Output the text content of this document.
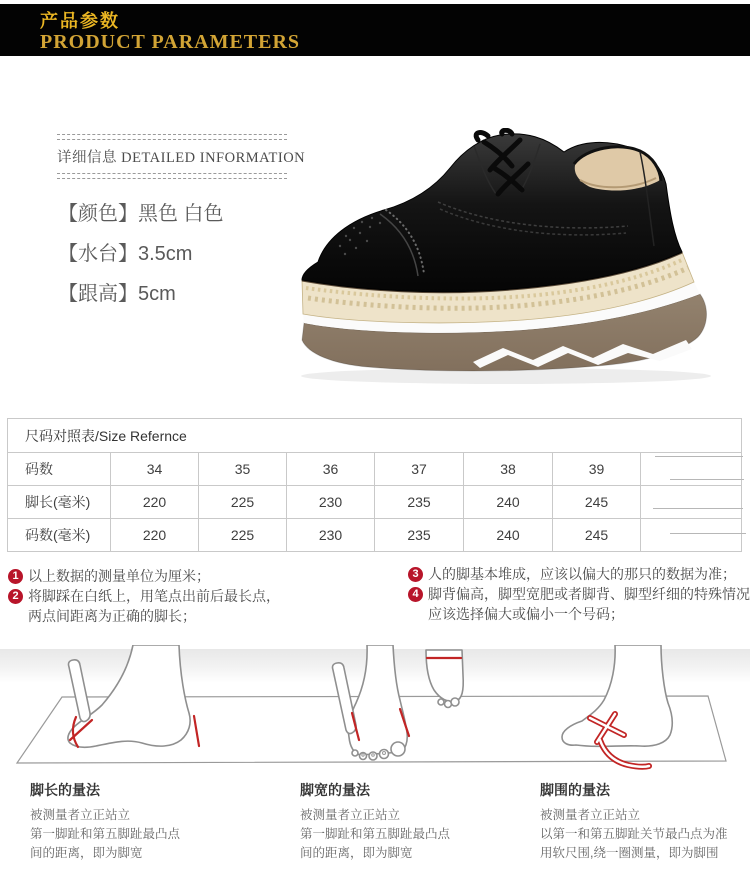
产品参数
PRODUCT PARAMETERS
详细信息 DETAILED INFORMATION
【颜色】黑色 白色
【水台】3.5cm
【跟高】5cm
尺码对照表/Size Refernce							
码数	34	35	36	37	38	39	
脚长(毫米)	220	225	230	235	240	245	
码数(毫米)	220	225	230	235	240	245	
1 以上数据的测量单位为厘米；
2 将脚踩在白纸上，用笔点出前后最长点，
两点间距离为正确的脚长；
3 人的脚基本堆成，应该以偏大的那只的数据为准；
4 脚背偏高，脚型宽肥或者脚背、脚型纤细的特殊情况
应该选择偏大或偏小一个号码；
脚长的量法
被测量者立正站立
第一脚趾和第五脚趾最凸点
间的距离，即为脚宽
脚宽的量法
被测量者立正站立
第一脚趾和第五脚趾最凸点
间的距离，即为脚宽
脚围的量法
被测量者立正站立
以第一和第五脚趾关节最凸点为准
用软尺围,绕一圈测量，即为脚围
